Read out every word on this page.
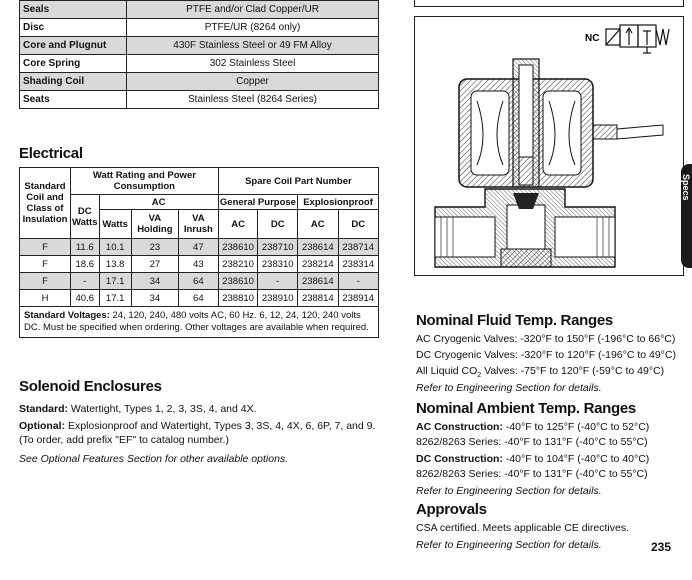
Seals	PTFE and/or Clad Copper/UR
Disc	PTFE/UR (8264 only)
Core and Plugnut	430F Stainless Steel or 49 FM Alloy
Core Spring	302 Stainless Steel
Shading Coil	Copper
Seats	Stainless Steel (8264 Series)
Electrical
Standard Coil and Class of Insulation	Watt Rating and Power Consumption				Spare Coil Part Number			
	DC Watts	AC			General Purpose		Explosionproof	
		Watts	VA Holding	VA Inrush	AC	DC	AC	DC
F	11.6	10.1	23	47	238610	238710	238614	238714
F	18.6	13.8	27	43	238210	238310	238214	238314
F	-	17.1	34	64	238610	-	238614	-
H	40.6	17.1	34	64	238810	238910	238814	238914
Standard Voltages: 24, 120, 240, 480 volts AC, 60 Hz. 6, 12, 24, 120, 240 volts DC. Must be specified when ordering. Other voltages are available when required.								
Solenoid Enclosures
Standard: Watertight, Types 1, 2, 3, 3S, 4, and 4X.
Optional: Explosionproof and Watertight, Types 3, 3S, 4, 4X, 6, 6P, 7, and 9. (To order, add prefix "EF" to catalog number.)
See Optional Features Section for other available options.
NC
Nominal Fluid Temp. Ranges
AC Cryogenic Valves: -320°F to 150°F (-196°C to 66°C)
DC Cryogenic Valves: -320°F to 120°F (-196°C to 49°C)
All Liquid $CO_2$ Valves: -75°F to 120°F (-59°C to 49°C)
Refer to Engineering Section for details.
Nominal Ambient Temp. Ranges
AC Construction: -40°F to 125°F (-40°C to 52°C)
8262/8263 Series: -40°F to 131°F (-40°C to 55°C)
DC Construction: -40°F to 104°F (-40°C to 40°C)
8262/8263 Series: -40°F to 131°F (-40°C to 55°C)
Refer to Engineering Section for details.
Approvals
CSA certified. Meets applicable CE directives.
Refer to Engineering Section for details.
Specs
235
